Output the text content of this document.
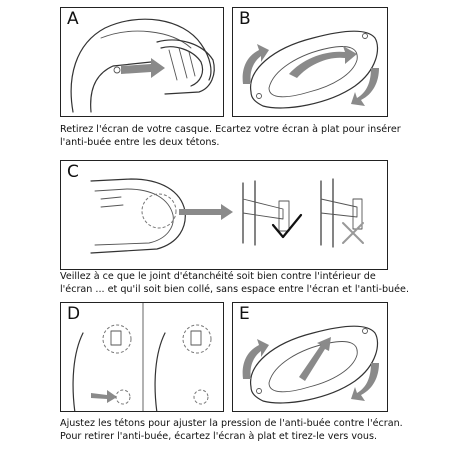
A	B
Retirez l'écran de votre casque. Ecartez votre écran à plat pour insérer
l'anti-buée entre les deux tétons.
C
Veillez à ce que le joint d'étanchéité soit bien contre l'intérieur de
l'écran ... et qu'il soit bien collé, sans espace entre l'écran et l'anti-buée.
D	E
Ajustez les tétons pour ajuster la pression de l'anti-buée contre l'écran.
Pour retirer l'anti-buée, écartez l'écran à plat et tirez-le vers vous.
